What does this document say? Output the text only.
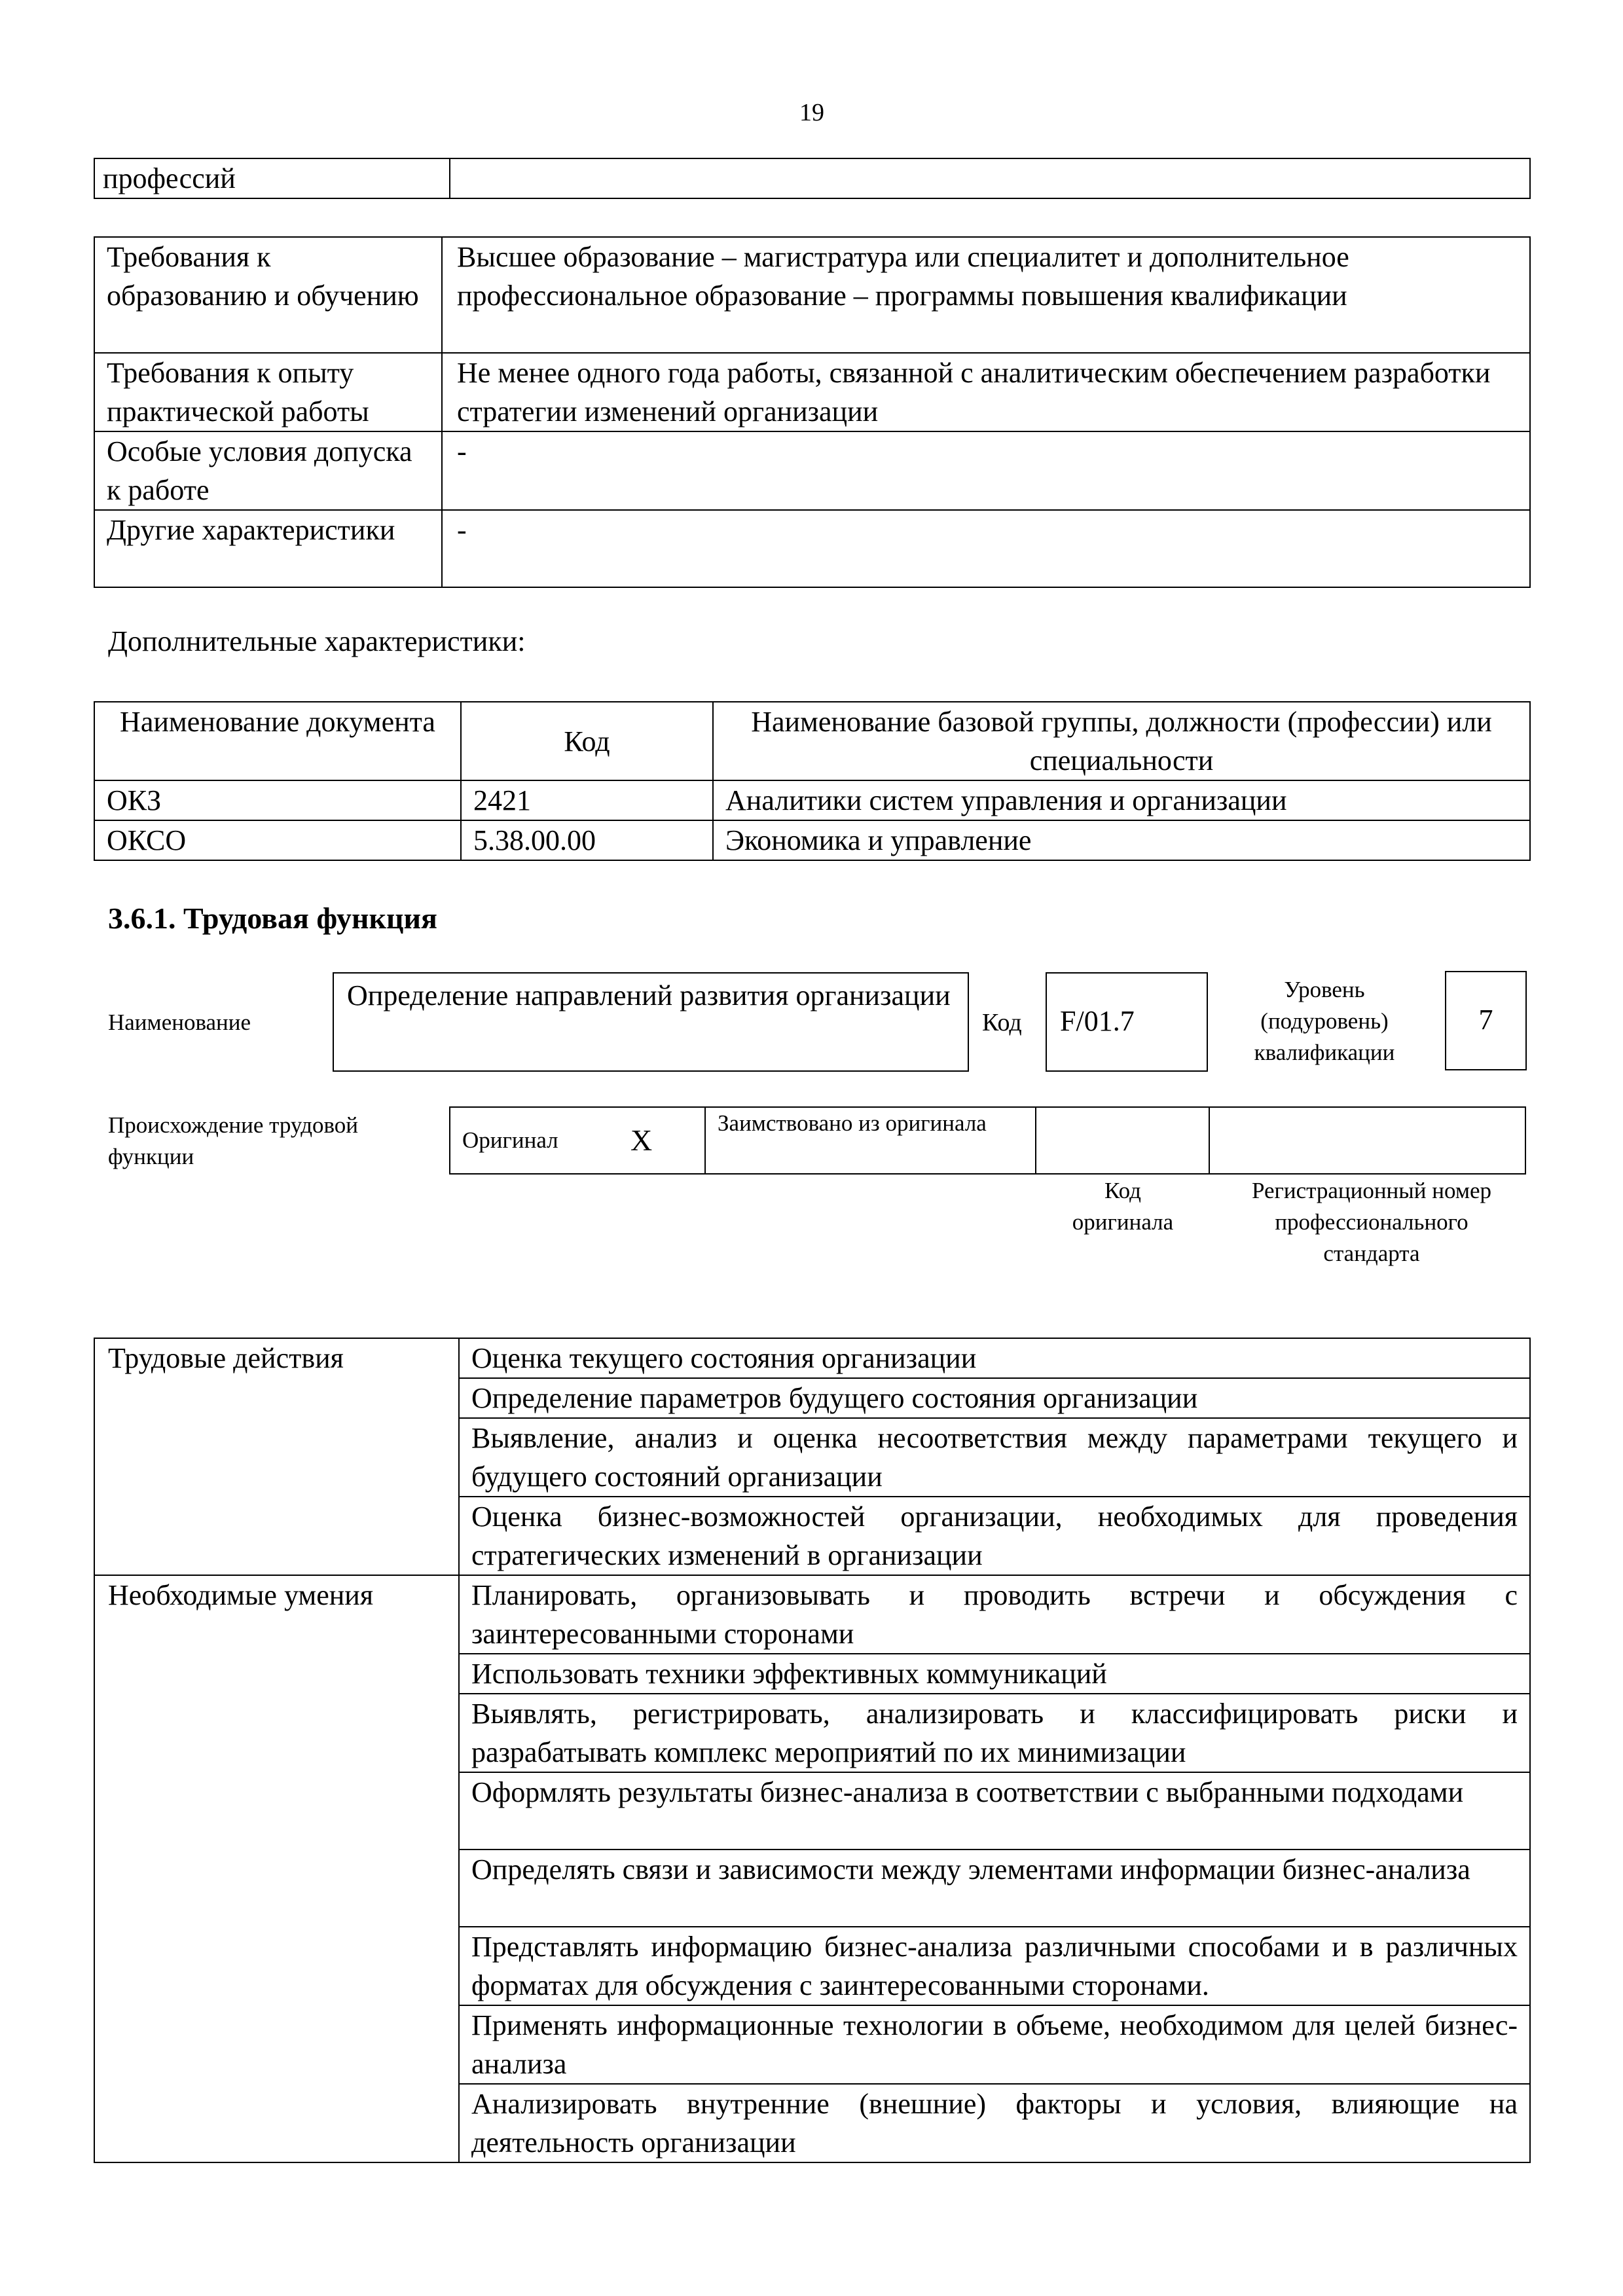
19
профессий	
Требования к образованию и обучению	Высшее образование – магистратура или специалитет и дополнительное профессиональное образование – программы повышения квалификации
Требования к опыту практической работы	Не менее одного года работы, связанной с аналитическим обеспечением разработки стратегии изменений организации
Особые условия допуска к работе	-
Другие характеристики	-
Дополнительные характеристики:
Наименование документа	Код	Наименование базовой группы, должности (профессии) или специальности
ОКЗ	2421	Аналитики систем управления и организации
ОКСО	5.38.00.00	Экономика и управление
3.6.1. Трудовая функция
Наименование
Определение направлений развития организации
Код	F/01.7
Уровень (подуровень) квалификации
7
Происхождение трудовой функции
Оригинал X
	Заимствовано из оригинала		
Код оригинала
Регистрационный номер профессионального стандарта
Трудовые действия	Оценка текущего состояния организации
	Определение параметров будущего состояния организации
	Выявление, анализ и оценка несоответствия между параметрами текущего и будущего состояний организации
	Оценка бизнес-возможностей организации, необходимых для проведения стратегических изменений в организации
Необходимые умения	Планировать, организовывать и проводить встречи и обсуждения с заинтересованными сторонами
	Использовать техники эффективных коммуникаций
	Выявлять, регистрировать, анализировать и классифицировать риски и разрабатывать комплекс мероприятий по их минимизации
	Оформлять результаты бизнес-анализа в соответствии с выбранными подходами
	Определять связи и зависимости между элементами информации бизнес-анализа
	Представлять информацию бизнес-анализа различными способами и в различных форматах для обсуждения с заинтересованными сторонами.
	Применять информационные технологии в объеме, необходимом для целей бизнес-анализа
	Анализировать внутренние (внешние) факторы и условия, влияющие на деятельность организации
